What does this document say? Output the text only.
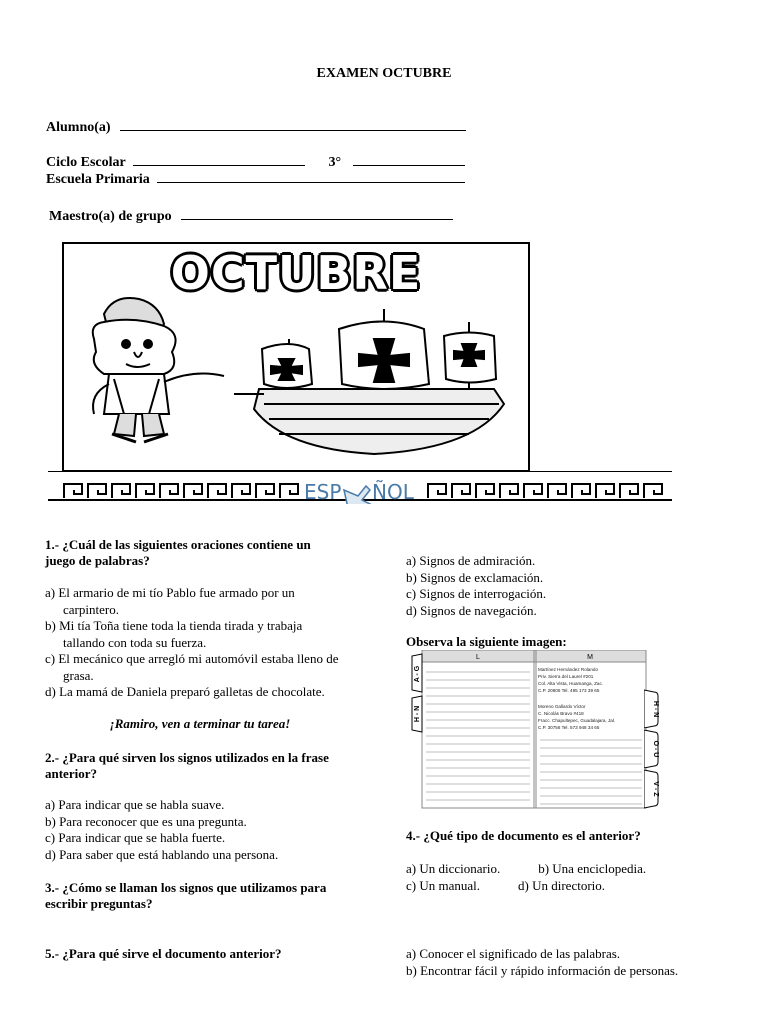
EXAMEN OCTUBRE
Alumno(a)
Ciclo Escolar	3°
Escuela Primaria
Maestro(a) de grupo
OCTUBRE
ESP ÑOL
1.- ¿Cuál de las siguientes oraciones contiene un
juego de palabras?
a) El armario de mi tío Pablo fue armado por un
carpintero.
b) Mi tía Toña tiene toda la tienda tirada y trabaja
tallando con toda su fuerza.
c) El mecánico que arregló mi automóvil estaba lleno de
grasa.
d) La mamá de Daniela preparó galletas de chocolate.
¡Ramiro, ven a terminar tu tarea!
2.- ¿Para qué sirven los signos utilizados en la frase
anterior?
a) Para indicar que se habla suave.
b) Para reconocer que es una pregunta.
c) Para indicar que se habla fuerte.
d) Para saber que está hablando una persona.
3.- ¿Cómo se llaman los signos que utilizamos para
escribir preguntas?
a) Signos de admiración.
b) Signos de exclamación.
c) Signos de interrogación.
d) Signos de navegación.
Observa la siguiente imagen:
L	M
Martínez Hernández Rolando
Priv. Sierra del Laurel #201
Col. Alta Vista, Huamanga, Zac.
C.P. 20805 Tel. 495 173 39 65
Moreno Gallardo Víctor
C. Nicolás Bravo #418
Fracc. Chapultepec, Guadalajara, Jal.
C.P. 30756 Tel. 573 948 34 65
A - G
H - N	H - N
O - U
V - Z
4.- ¿Qué tipo de documento es el anterior?
a) Un diccionario.	b) Una enciclopedia.
c) Un manual.	d) Un directorio.
5.- ¿Para qué sirve el documento anterior?	a) Conocer el significado de las palabras.
b) Encontrar fácil y rápido información de personas.
